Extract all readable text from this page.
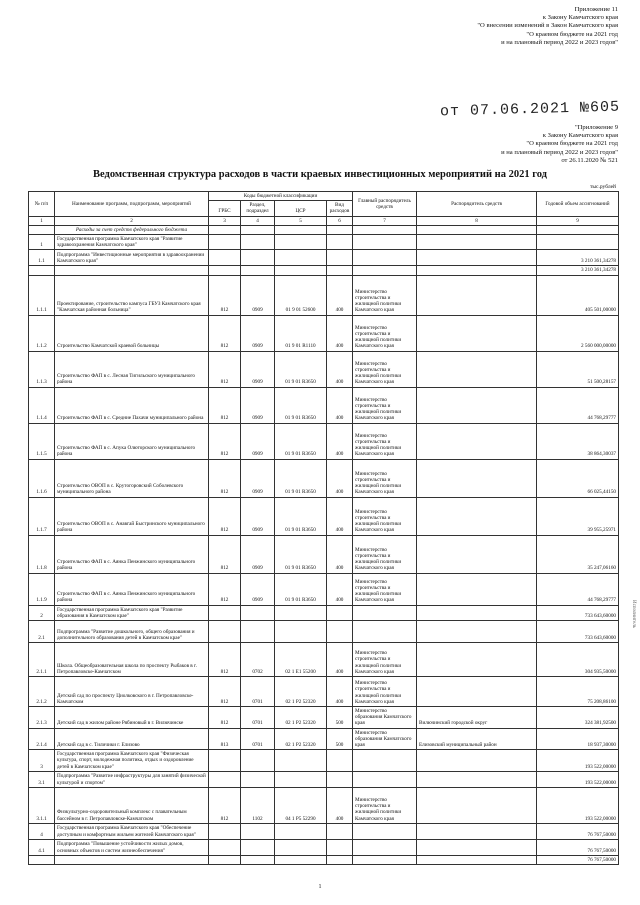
Приложение 11
к Закону Камчатского края
"О внесении изменений в Закон Камчатского края
"О краевом бюджете на 2021 год
и на плановый период 2022 и 2023 годов"
от 07.06.2021 №605
"Приложение 9
к Закону Камчатского края
"О краевом бюджете на 2021 год
и на плановый период 2022 и 2023 годов"
от 26.11.2020 № 521
Ведомственная структура расходов в части краевых инвестиционных мероприятий на 2021 год
тыс.рублей
№ п/п	Наименование программ, подпрограмм, мероприятий	Коды бюджетной классификации				Главный распорядитель средств	Распорядитель средств	Годовой объем ассигнований
		ГРБС	Раздел, подраздел	ЦСР	Вид расходов			
1	2	3	4	5	6	7	8	9
	Расходы за счет средств федерального бюджета							
1	Государственная программа Камчатского края "Развитие здравоохранения Камчатского края"							
1.1	Подпрограмма "Инвестиционные мероприятия в здравоохранении Камчатского края"							3 210 361,34278
								3 210 361,34278
1.1.1	Проектирование, строительство кампуса ГБУЗ Камчатского края "Камчатская районная больница"	812	0909	01 9 01 52600	400	Министерство строительства и жилищной политики Камчатского края		405 501,00000
1.1.2	Строительство Камчатской краевой больницы	812	0909	01 9 01 R1110	400	Министерство строительства и жилищной политики Камчатского края		2 560 000,00000
1.1.3	Строительство ФАП в с. Лесная Тигильского муниципального района	812	0909	01 9 01 R3650	400	Министерство строительства и жилищной политики Камчатского края		51 500,28157
1.1.4	Строительство ФАП в с. Средние Пахачи муниципального района	812	0909	01 9 01 R3650	400	Министерство строительства и жилищной политики Камчатского края		44 768,29777
1.1.5	Строительство ФАП в с. Апука Олюторского муниципального района	812	0909	01 9 01 R3650	400	Министерство строительства и жилищной политики Камчатского края		38 864,30037
1.1.6	Строительство ОВОП в с. Крутогоровский Соболевского муниципального района	812	0909	01 9 01 R3650	400	Министерство строительства и жилищной политики Камчатского края		66 025,44150
1.1.7	Строительство ОВОП в с. Анавгай Быстринского муниципального района	812	0909	01 9 01 R3650	400	Министерство строительства и жилищной политики Камчатского края		39 955,25971
1.1.8	Строительство ФАП в с. Аянка Пенжинского муниципального района	812	0909	01 9 01 R3650	400	Министерство строительства и жилищной политики Камчатского края		35 247,06160
1.1.9	Строительство ФАП в с. Аянка Пенжинского муниципального района	812	0909	01 9 01 R3650	400	Министерство строительства и жилищной политики Камчатского края		44 768,29777
2	Государственная программа Камчатского края "Развитие образования в Камчатском крае"							733 643,60000
2.1	Подпрограмма "Развитие дошкольного, общего образования и дополнительного образования детей в Камчатском крае"							733 643,60000
2.1.1	Школа. Общеобразовательная школа по проспекту Рыбаков в г. Петропавловске-Камчатском	812	0702	02 1 E1 55200	400	Министерство строительства и жилищной политики Камчатского края		304 935,50000
2.1.2	Детский сад по проспекту Циолковского в г. Петропавловске-Камчатском	812	0701	02 1 P2 52320	400	Министерство строительства и жилищной политики Камчатского края		75 208,86100
2.1.3	Детский сад в жилом районе Рябиновый в г. Вилючинске	812	0701	02 1 P2 52320	500	Министерство образования Камчатского края	Вилючинский городской округ	324 381,92500
2.1.4	Детский сад в с. Тиличики г. Елизово	813	0701	02 1 P2 52320	500	Министерство образования Камчатского края	Елизовский муниципальный район	18 937,30000
3	Государственная программа Камчатского края "Физическая культура, спорт, молодежная политика, отдых и оздоровление детей в Камчатском крае"							193 522,00000
3.1	Подпрограмма "Развитие инфраструктуры для занятий физической культурой и спортом"							193 522,00000
3.1.1	Физкультурно-оздоровительный комплекс с плавательным бассейном в г. Петропавловске-Камчатском	812	1102	04 1 P5 52290	400	Министерство строительства и жилищной политики Камчатского края		193 522,00000
4	Государственная программа Камчатского края "Обеспечение доступным и комфортным жильем жителей Камчатского края"							76 767,50000
4.1	Подпрограмма "Повышение устойчивости жилых домов, основных объектов и систем жизнеобеспечения"							76 767,50000
								76 767,50000
1
Исполнитель
